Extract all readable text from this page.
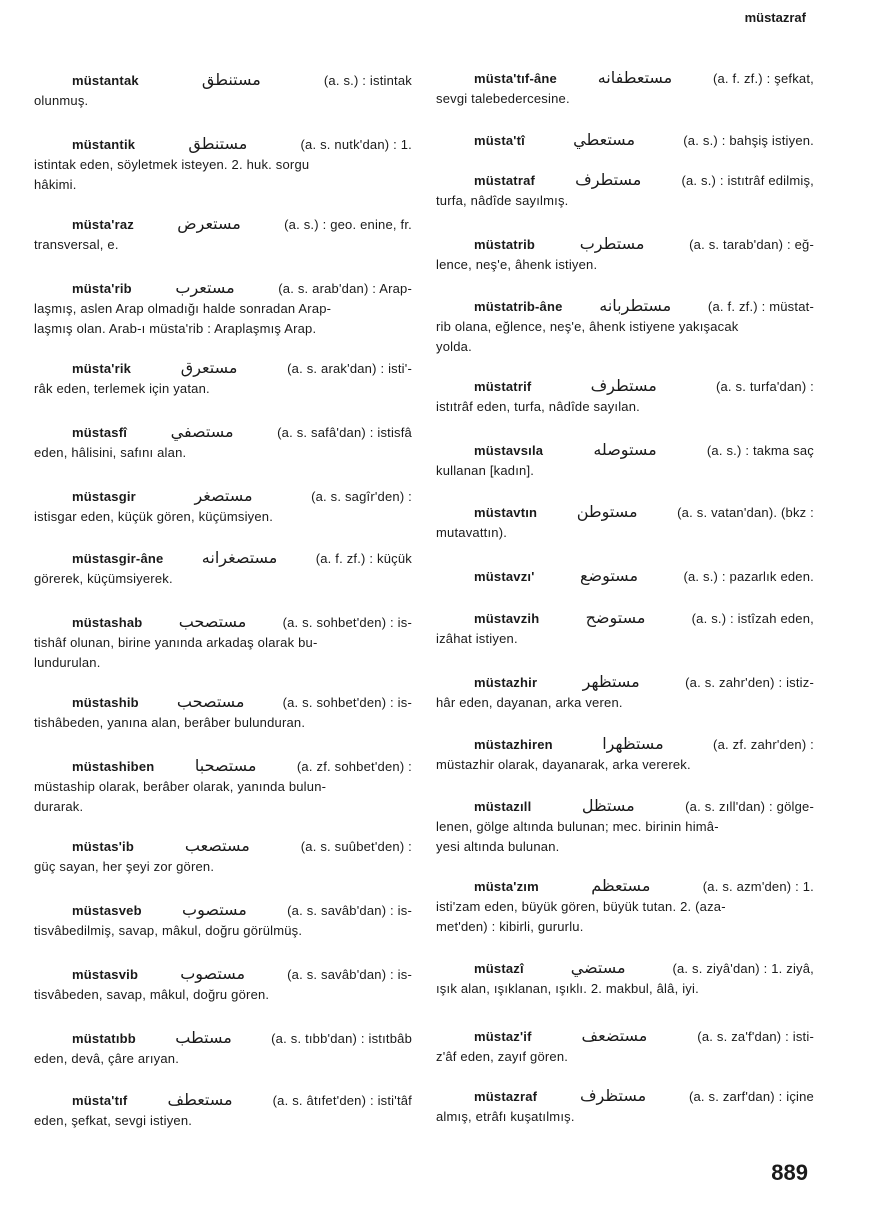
müstazraf
müstantak	مستنطق	(a. s.) : istintak
olunmuş.
müstantik	مستنطق	(a. s. nutk'dan) : 1.
istintak eden, söyletmek isteyen. 2. huk. sorgu
hâkimi.
müsta'raz	مستعرض	(a. s.) : geo. enine, fr.
transversal, e.
müsta'rib	مستعرب	(a. s. arab'dan) : Arap-
laşmış, aslen Arap olmadığı halde sonradan Arap-
laşmış olan. Arab-ı müsta'rib : Araplaşmış Arap.
müsta'rik	مستعرق	(a. s. arak'dan) : isti'-
râk eden, terlemek için yatan.
müstasfî	مستصفي	(a. s. safâ'dan) : istisfâ
eden, hâlisini, safını alan.
müstasgir	مستصغر	(a. s. sagîr'den) :
istisgar eden, küçük gören, küçümsiyen.
müstasgir-âne	مستصغرانه	(a. f. zf.) : küçük
görerek, küçümsiyerek.
müstashab	مستصحب	(a. s. sohbet'den) : is-
tishâf olunan, birine yanında arkadaş olarak bu-
lundurulan.
müstashib	مستصحب	(a. s. sohbet'den) : is-
tishâbeden, yanına alan, berâber bulunduran.
müstashiben	مستصحبا	(a. zf. sohbet'den) :
müstaship olarak, berâber olarak, yanında bulun-
durarak.
müstas'ib	مستصعب	(a. s. suûbet'den) :
güç sayan, her şeyi zor gören.
müstasveb	مستصوب	(a. s. savâb'dan) : is-
tisvâbedilmiş, savap, mâkul, doğru görülmüş.
müstasvib	مستصوب	(a. s. savâb'dan) : is-
tisvâbeden, savap, mâkul, doğru gören.
müstatıbb	مستطب	(a. s. tıbb'dan) : istıtbâb
eden, devâ, çâre arıyan.
müsta'tıf	مستعطف	(a. s. âtıfet'den) : isti'tâf
eden, şefkat, sevgi istiyen.
müsta'tıf-âne	مستعطفانه	(a. f. zf.) : şefkat,
sevgi talebedercesine.
müsta'tî	مستعطي	(a. s.) : bahşiş istiyen.
müstatraf	مستطرف	(a. s.) : istıtrâf edilmiş,
turfa, nâdîde sayılmış.
müstatrib	مستطرب	(a. s. tarab'dan) : eğ-
lence, neş'e, âhenk istiyen.
müstatrib-âne	مستطربانه	(a. f. zf.) : müstat-
rib olana, eğlence, neş'e, âhenk istiyene yakışacak
yolda.
müstatrif	مستطرف	(a. s. turfa'dan) :
istıtrâf eden, turfa, nâdîde sayılan.
müstavsıla	مستوصله	(a. s.) : takma saç
kullanan [kadın].
müstavtın	مستوطن	(a. s. vatan'dan). (bkz :
mutavattın).
müstavzı'	مستوضع	(a. s.) : pazarlık eden.
müstavzih	مستوضح	(a. s.) : istîzah eden,
izâhat istiyen.
müstazhir	مستظهر	(a. s. zahr'den) : istiz-
hâr eden, dayanan, arka veren.
müstazhiren	مستظهرا	(a. zf. zahr'den) :
müstazhir olarak, dayanarak, arka vererek.
müstazıll	مستظل	(a. s. zıll'dan) : gölge-
lenen, gölge altında bulunan; mec. birinin himâ-
yesi altında bulunan.
müsta'zım	مستعظم	(a. s. azm'den) : 1.
isti'zam eden, büyük gören, büyük tutan. 2. (aza-
met'den) : kibirli, gururlu.
müstazî	مستضي	(a. s. ziyâ'dan) : 1. ziyâ,
ışık alan, ışıklanan, ışıklı. 2. makbul, âlâ, iyi.
müstaz'if	مستضعف	(a. s. za'f'dan) : isti-
z'âf eden, zayıf gören.
müstazraf	مستظرف	(a. s. zarf'dan) : içine
almış, etrâfı kuşatılmış.
889
